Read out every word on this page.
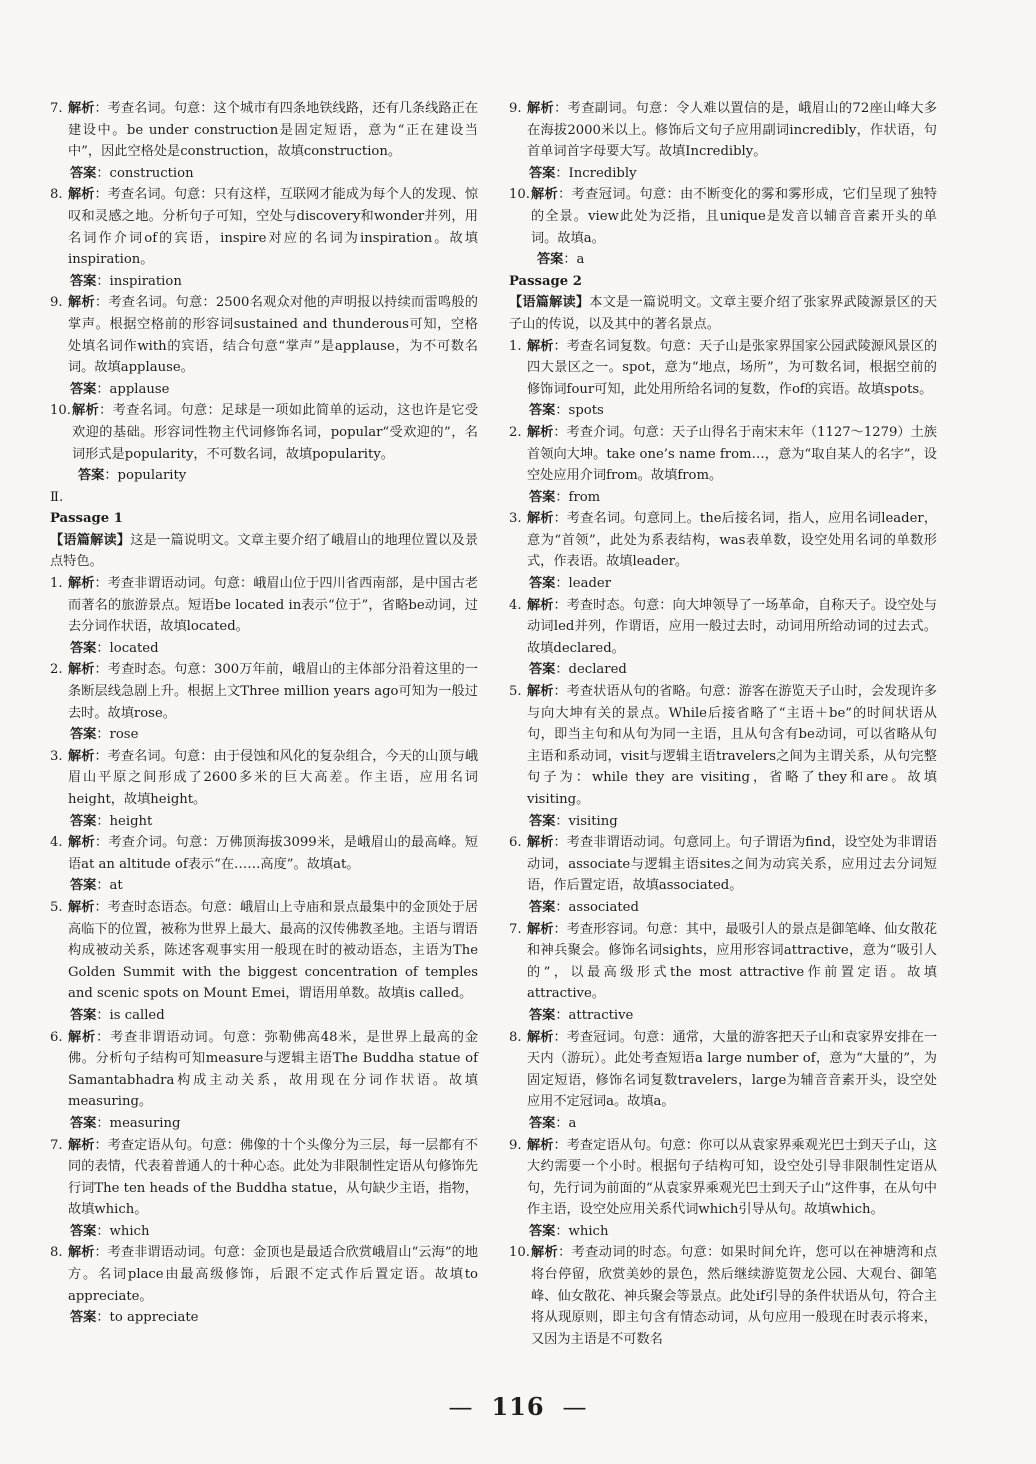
7. 解析：考查名词。句意：这个城市有四条地铁线路，还有几条线路正在建设中。be under construction是固定短语，意为“正在建设当中”，因此空格处是construction，故填construction。
答案：construction
8. 解析：考查名词。句意：只有这样，互联网才能成为每个人的发现、惊叹和灵感之地。分析句子可知，空处与discovery和wonder并列，用名词作介词of的宾语，inspire对应的名词为inspiration。故填inspiration。
答案：inspiration
9. 解析：考查名词。句意：2500名观众对他的声明报以持续而雷鸣般的掌声。根据空格前的形容词sustained and thunderous可知，空格处填名词作with的宾语，结合句意“掌声”是applause，为不可数名词。故填applause。
答案：applause
10. 解析：考查名词。句意：足球是一项如此简单的运动，这也许是它受欢迎的基础。形容词性物主代词修饰名词，popular“受欢迎的”，名词形式是popularity，不可数名词，故填popularity。
答案：popularity
Ⅱ.
Passage 1
【语篇解读】这是一篇说明文。文章主要介绍了峨眉山的地理位置以及景点特色。
1. 解析：考查非谓语动词。句意：峨眉山位于四川省西南部，是中国古老而著名的旅游景点。短语be located in表示“位于”，省略be动词，过去分词作状语，故填located。
答案：located
2. 解析：考查时态。句意：300万年前，峨眉山的主体部分沿着这里的一条断层线急剧上升。根据上文Three million years ago可知为一般过去时。故填rose。
答案：rose
3. 解析：考查名词。句意：由于侵蚀和风化的复杂组合，今天的山顶与峨眉山平原之间形成了2600多米的巨大高差。作主语，应用名词height，故填height。
答案：height
4. 解析：考查介词。句意：万佛顶海拔3099米，是峨眉山的最高峰。短语at an altitude of表示“在……高度”。故填at。
答案：at
5. 解析：考查时态语态。句意：峨眉山上寺庙和景点最集中的金顶处于居高临下的位置，被称为世界上最大、最高的汉传佛教圣地。主语与谓语构成被动关系，陈述客观事实用一般现在时的被动语态，主语为The Golden Summit with the biggest concentration of temples and scenic spots on Mount Emei，谓语用单数。故填is called。
答案：is called
6. 解析：考查非谓语动词。句意：弥勒佛高48米，是世界上最高的金佛。分析句子结构可知measure与逻辑主语The Buddha statue of Samantabhadra构成主动关系，故用现在分词作状语。故填measuring。
答案：measuring
7. 解析：考查定语从句。句意：佛像的十个头像分为三层，每一层都有不同的表情，代表着普通人的十种心态。此处为非限制性定语从句修饰先行词The ten heads of the Buddha statue，从句缺少主语，指物，故填which。
答案：which
8. 解析：考查非谓语动词。句意：金顶也是最适合欣赏峨眉山“云海”的地方。名词place由最高级修饰，后跟不定式作后置定语。故填to appreciate。
答案：to appreciate
9. 解析：考查副词。句意：令人难以置信的是，峨眉山的72座山峰大多在海拔2000米以上。修饰后文句子应用副词incredibly，作状语，句首单词首字母要大写。故填Incredibly。
答案：Incredibly
10. 解析：考查冠词。句意：由不断变化的雾和雾形成，它们呈现了独特的全景。view此处为泛指，且unique是发音以辅音音素开头的单词。故填a。
答案：a
Passage 2
【语篇解读】本文是一篇说明文。文章主要介绍了张家界武陵源景区的天子山的传说，以及其中的著名景点。
1. 解析：考查名词复数。句意：天子山是张家界国家公园武陵源风景区的四大景区之一。spot，意为“地点，场所”，为可数名词，根据空前的修饰词four可知，此处用所给名词的复数，作of的宾语。故填spots。
答案：spots
2. 解析：考查介词。句意：天子山得名于南宋末年（1127～1279）土族首领向大坤。take one’s name from…，意为“取自某人的名字”，设空处应用介词from。故填from。
答案：from
3. 解析：考查名词。句意同上。the后接名词，指人，应用名词leader，意为“首领”，此处为系表结构，was表单数，设空处用名词的单数形式，作表语。故填leader。
答案：leader
4. 解析：考查时态。句意：向大坤领导了一场革命，自称天子。设空处与动词led并列，作谓语，应用一般过去时，动词用所给动词的过去式。故填declared。
答案：declared
5. 解析：考查状语从句的省略。句意：游客在游览天子山时，会发现许多与向大坤有关的景点。While后接省略了“主语＋be”的时间状语从句，即当主句和从句为同一主语，且从句含有be动词，可以省略从句主语和系动词，visit与逻辑主语travelers之间为主谓关系，从句完整句子为：while they are visiting，省略了they和are。故填visiting。
答案：visiting
6. 解析：考查非谓语动词。句意同上。句子谓语为find，设空处为非谓语动词，associate与逻辑主语sites之间为动宾关系，应用过去分词短语，作后置定语，故填associated。
答案：associated
7. 解析：考查形容词。句意：其中，最吸引人的景点是御笔峰、仙女散花和神兵聚会。修饰名词sights，应用形容词attractive，意为“吸引人的”，以最高级形式the most attractive作前置定语。故填attractive。
答案：attractive
8. 解析：考查冠词。句意：通常，大量的游客把天子山和袁家界安排在一天内（游玩）。此处考查短语a large number of，意为“大量的”，为固定短语，修饰名词复数travelers，large为辅音音素开头，设空处应用不定冠词a。故填a。
答案：a
9. 解析：考查定语从句。句意：你可以从袁家界乘观光巴士到天子山，这大约需要一个小时。根据句子结构可知，设空处引导非限制性定语从句，先行词为前面的“从袁家界乘观光巴士到天子山”这件事，在从句中作主语，设空处应用关系代词which引导从句。故填which。
答案：which
10. 解析：考查动词的时态。句意：如果时间允许，您可以在神塘湾和点将台停留，欣赏美妙的景色，然后继续游览贺龙公园、大观台、御笔峰、仙女散花、神兵聚会等景点。此处if引导的条件状语从句，符合主将从现原则，即主句含有情态动词，从句应用一般现在时表示将来，又因为主语是不可数名
— 116 —
